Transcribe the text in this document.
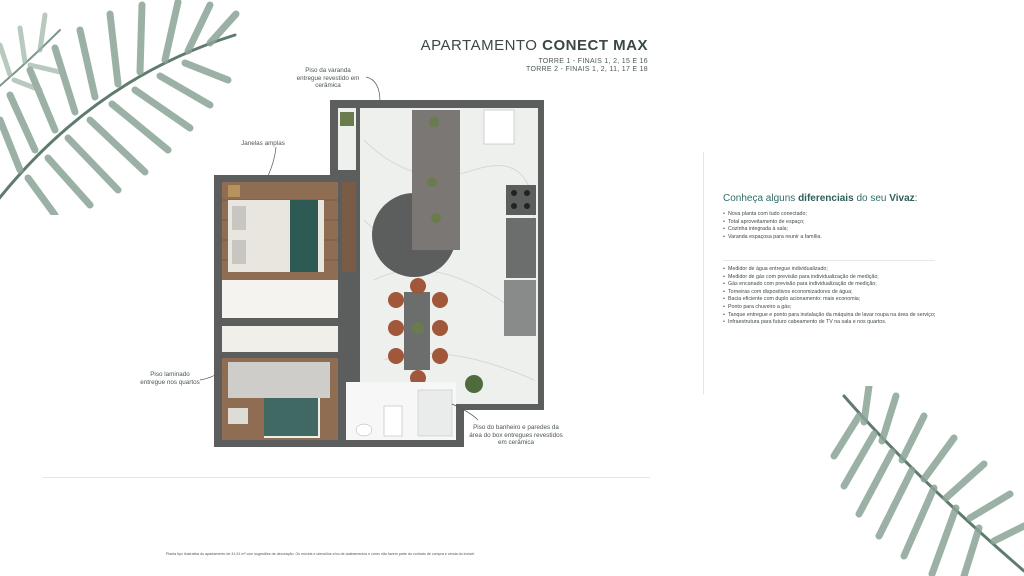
APARTAMENTO CONECT MAX
TORRE 1 - FINAIS 1, 2, 15 E 16
TORRE 2 - FINAIS 1, 2, 11, 17 E 18
Piso da varanda entregue revestido em cerâmica
Janelas amplas
Piso laminado entregue nos quartos
Piso do banheiro e paredes da área do box entregues revestidos em cerâmica
Conheça alguns diferenciais do seu Vivaz:
• Nova planta com tudo conectado;
• Total aproveitamento de espaço;
• Cozinha integrada à sala;
• Varanda espaçosa para reunir a família.
• Medidor de água entregue individualizado;
• Medidor de gás com previsão para individualização de medição;
• Gás encanado com previsão para individualização de medição;
• Torneiras com dispositivos economizadores de água;
• Bacia eficiente com duplo acionamento: mais economia;
• Ponto para chuveiro a gás;
• Tanque entregue e ponto para instalação da máquina de lavar roupa na área de serviço;
• Infraestrutura para futuro cabeamento de TV na sala e nos quartos.
Planta tipo ilustrativa do apartamento de 41,91 m² com sugestões de decoração. Os móveis e utensílios e/ou de acabamentos e cores não fazem parte do contrato de compra e venda do imóvel.
